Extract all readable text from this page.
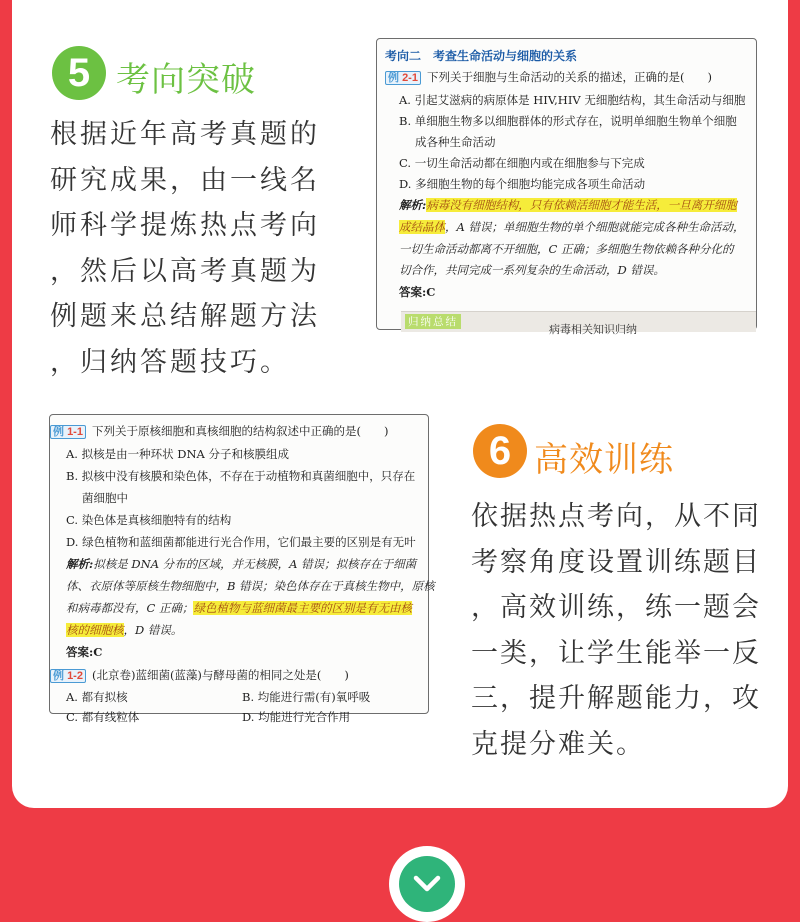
5 考向突破
根据近年高考真题的
研究成果，由一线名
师科学提炼热点考向
，然后以高考真题为
例题来总结解题方法
，归纳答题技巧。
考向二　考查生命活动与细胞的关系
例 2-1 下列关于细胞与生命活动的关系的描述，正确的是(　　)
A. 引起艾滋病的病原体是 HIV,HIV 无细胞结构，其生命活动与细胞
B. 单细胞生物多以细胞群体的形式存在，说明单细胞生物单个细胞
成各种生命活动
C. 一切生命活动都在细胞内或在细胞参与下完成
D. 多细胞生物的每个细胞均能完成各项生命活动
解析:病毒没有细胞结构，只有依赖活细胞才能生活，一旦离开细胞
成结晶体，A 错误；单细胞生物的单个细胞就能完成各种生命活动，
一切生命活动都离不开细胞，C 正确；多细胞生物依赖各种分化的
切合作，共同完成一系列复杂的生命活动，D 错误。
答案:C
归纳总结
病毒相关知识归纳
例 1-1 下列关于原核细胞和真核细胞的结构叙述中正确的是(　　)
A. 拟核是由一种环状 DNA 分子和核膜组成
B. 拟核中没有核膜和染色体，不存在于动植物和真菌细胞中，只存在
菌细胞中
C. 染色体是真核细胞特有的结构
D. 绿色植物和蓝细菌都能进行光合作用，它们最主要的区别是有无叶
解析:拟核是 DNA 分布的区域，并无核膜，A 错误；拟核存在于细菌
体、衣原体等原核生物细胞中，B 错误；染色体存在于真核生物中，原核
和病毒都没有，C 正确；绿色植物与蓝细菌最主要的区别是有无由核
核的细胞核，D 错误。
答案:C
例 1-2 (北京卷)蓝细菌(蓝藻)与酵母菌的相同之处是(　　)
A. 都有拟核	B. 均能进行需(有)氧呼吸
C. 都有线粒体	D. 均能进行光合作用
6 高效训练
依据热点考向，从不同
考察角度设置训练题目
，高效训练，练一题会
一类，让学生能举一反
三，提升解题能力，攻
克提分难关。
